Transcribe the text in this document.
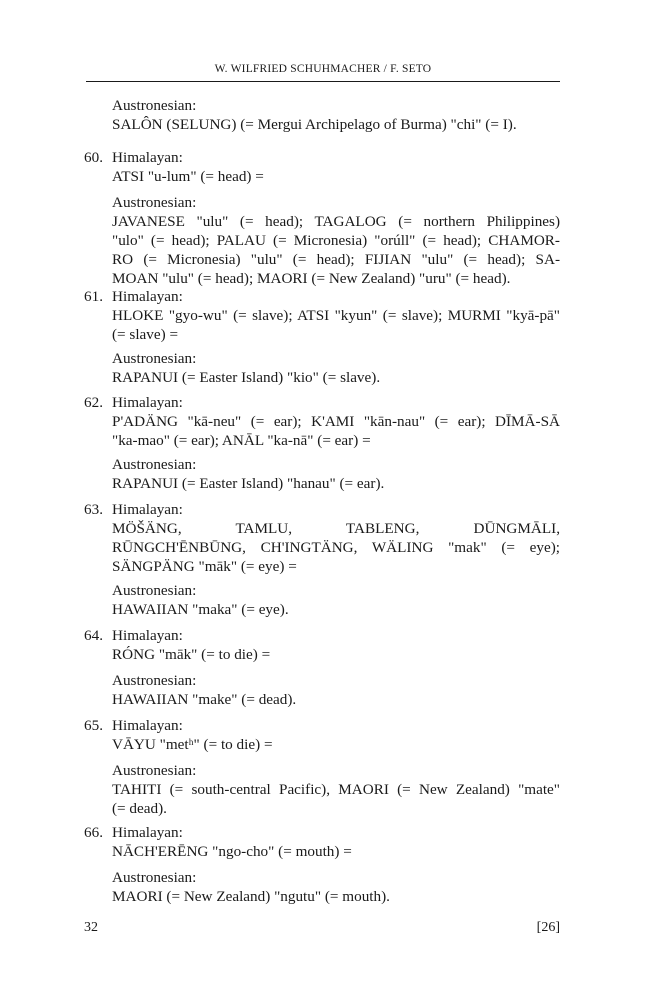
W. WILFRIED SCHUHMACHER / F. SETO
Austronesian:
SALÔN (SELUNG) (= Mergui Archipelago of Burma) "chi" (= I).
60. Himalayan:
ATSI "u-lum" (= head) =
Austronesian:
JAVANESE "ulu" (= head); TAGALOG (= northern Philippines)
"ulo" (= head); PALAU (= Micronesia) "orúll" (= head); CHAMOR-
RO (= Micronesia) "ulu" (= head); FIJIAN "ulu" (= head); SA-
MOAN "ulu" (= head); MAORI (= New Zealand) "uru" (= head).
61. Himalayan:
HLOKE "gyo-wu" (= slave); ATSI "kyun" (= slave); MURMI "kyā-pā"
(= slave) =
Austronesian:
RAPANUI (= Easter Island) "kio" (= slave).
62. Himalayan:
P'ADÄNG "kā-neu" (= ear); K'AMI "kān-nau" (= ear); DĪMĀ-SĀ
"ka-mao" (= ear); ANĀL "ka-nā" (= ear) =
Austronesian:
RAPANUI (= Easter Island) "hanau" (= ear).
63. Himalayan:
MÖŠÄNG, TAMLU, TABLENG, DŪNGMĀLI,
RŪNGCH'ĒNBŪNG, CH'INGTÄNG, WÄLING "mak" (= eye);
SÄNGPÄNG "māk" (= eye) =
Austronesian:
HAWAIIAN "maka" (= eye).
64. Himalayan:
RÓNG "māk" (= to die) =
Austronesian:
HAWAIIAN "make" (= dead).
65. Himalayan:
VĀYU "metʰ" (= to die) =
Austronesian:
TAHITI (= south-central Pacific), MAORI (= New Zealand) "mate"
(= dead).
66. Himalayan:
NĀCH'ERĒNG "ngo-cho" (= mouth) =
Austronesian:
MAORI (= New Zealand) "ngutu" (= mouth).
32	[26]
